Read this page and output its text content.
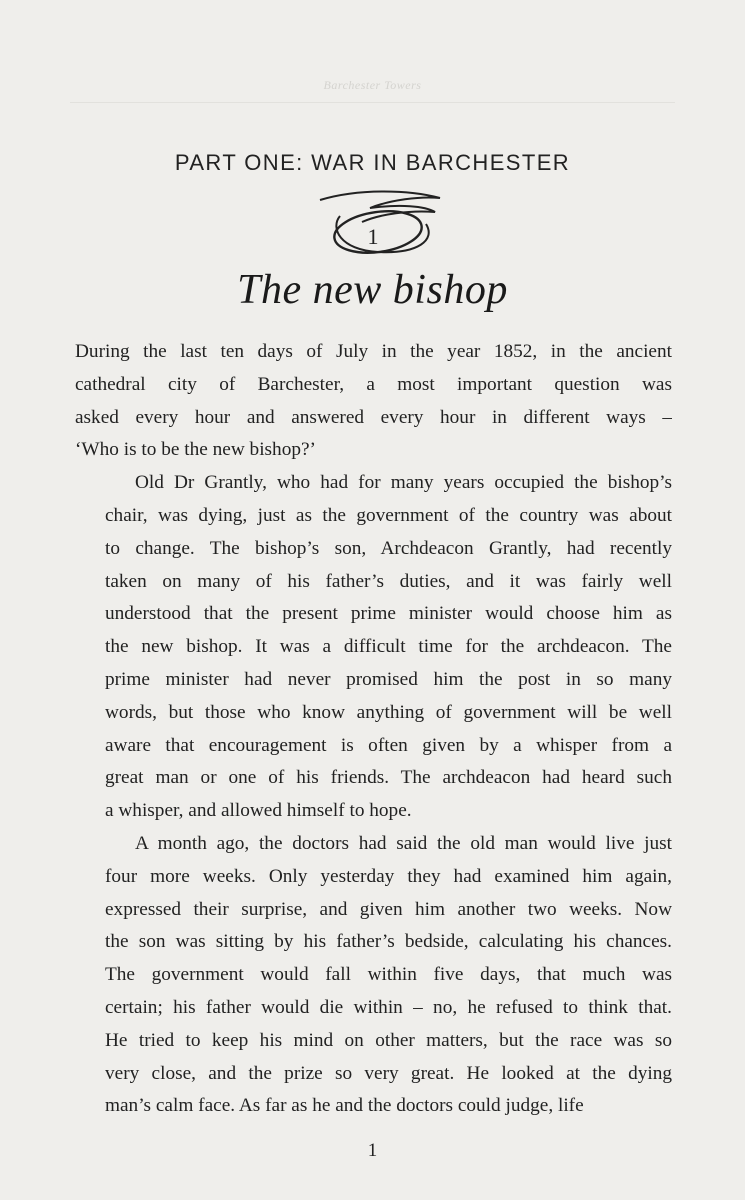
Barchester Towers
PART ONE: WAR IN BARCHESTER
1
The new bishop

During the last ten days of July in the year 1852, in the ancient
cathedral city of Barchester, a most important question was
asked every hour and answered every hour in different ways –
‘Who is to be the new bishop?’

Old Dr Grantly, who had for many years occupied the bishop’s
chair, was dying, just as the government of the country was about
to change. The bishop’s son, Archdeacon Grantly, had recently
taken on many of his father’s duties, and it was fairly well
understood that the present prime minister would choose him as
the new bishop. It was a difficult time for the archdeacon. The
prime minister had never promised him the post in so many
words, but those who know anything of government will be well
aware that encouragement is often given by a whisper from a
great man or one of his friends. The archdeacon had heard such
a whisper, and allowed himself to hope.

A month ago, the doctors had said the old man would live just
four more weeks. Only yesterday they had examined him again,
expressed their surprise, and given him another two weeks. Now
the son was sitting by his father’s bedside, calculating his chances.
The government would fall within five days, that much was
certain; his father would die within – no, he refused to think that.
He tried to keep his mind on other matters, but the race was so
very close, and the prize so very great. He looked at the dying
man’s calm face. As far as he and the doctors could judge, life

1
